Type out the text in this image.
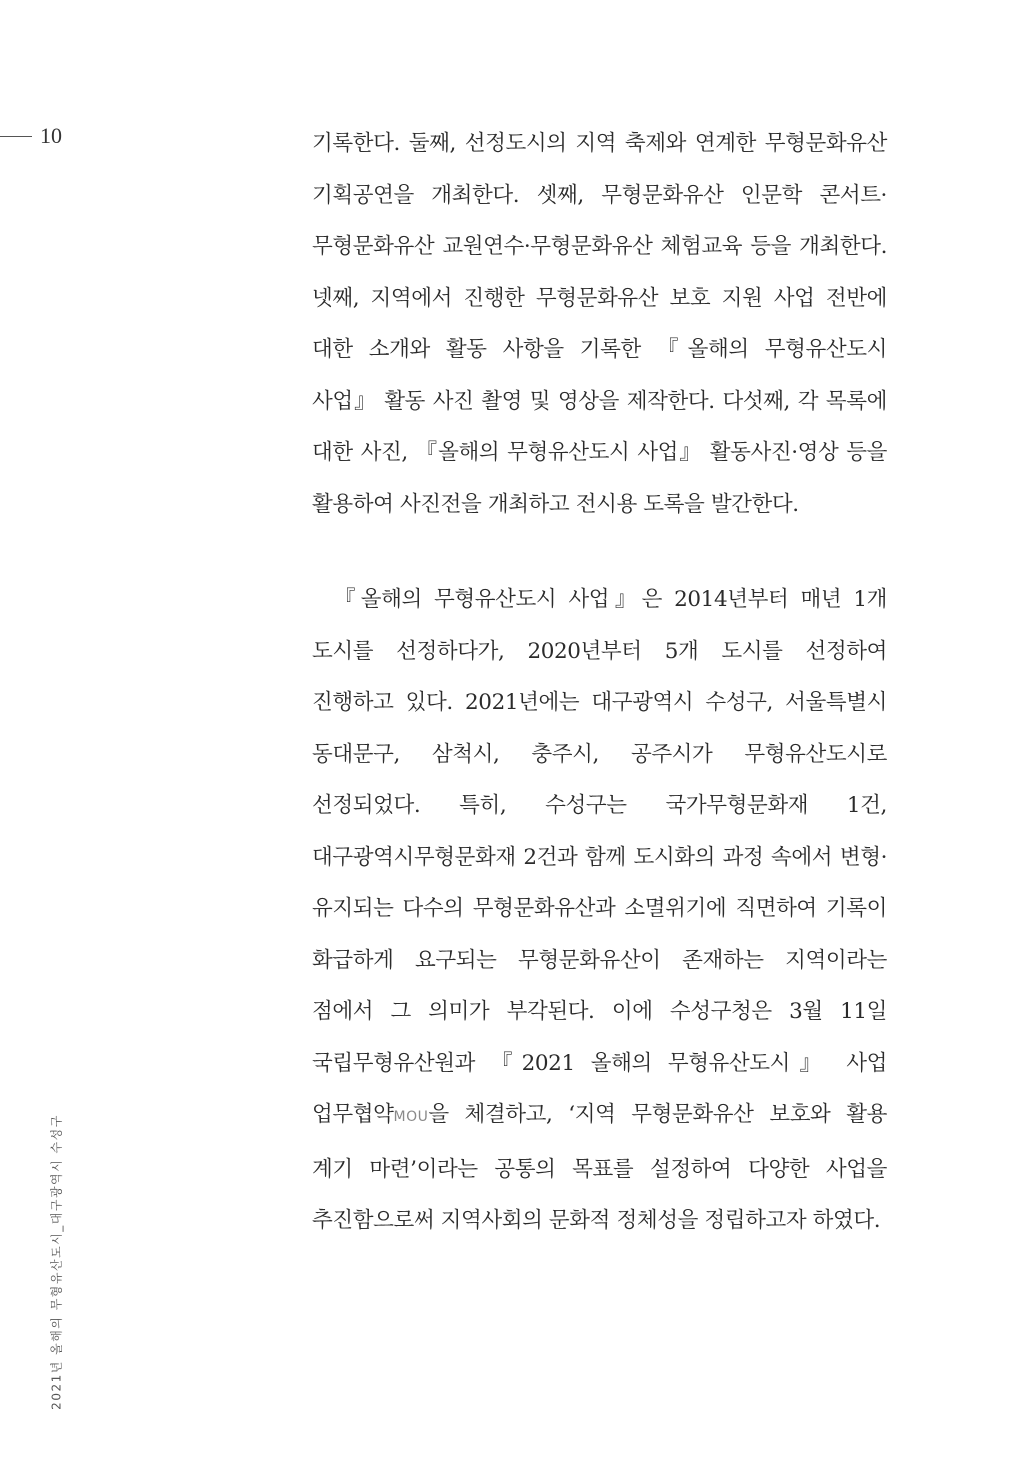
10
2021년 올해의 무형유산도시_대구광역시 수성구

기록한다. 둘째, 선정도시의 지역 축제와 연계한 무형문화유산 기획공연을 개최한다. 셋째, 무형문화유산 인문학 콘서트·무형문화유산 교원연수·무형문화유산 체험교육 등을 개최한다. 넷째, 지역에서 진행한 무형문화유산 보호 지원 사업 전반에 대한 소개와 활동 사항을 기록한 『올해의 무형유산도시 사업』 활동 사진 촬영 및 영상을 제작한다. 다섯째, 각 목록에 대한 사진, 『올해의 무형유산도시 사업』 활동사진·영상 등을 활용하여 사진전을 개최하고 전시용 도록을 발간한다.

『올해의 무형유산도시 사업』은 2014년부터 매년 1개 도시를 선정하다가, 2020년부터 5개 도시를 선정하여 진행하고 있다. 2021년에는 대구광역시 수성구, 서울특별시 동대문구, 삼척시, 충주시, 공주시가 무형유산도시로 선정되었다. 특히, 수성구는 국가무형문화재 1건, 대구광역시무형문화재 2건과 함께 도시화의 과정 속에서 변형·유지되는 다수의 무형문화유산과 소멸위기에 직면하여 기록이 화급하게 요구되는 무형문화유산이 존재하는 지역이라는 점에서 그 의미가 부각된다. 이에 수성구청은 3월 11일 국립무형유산원과 『2021 올해의 무형유산도시』 사업 업무협약MOU을 체결하고, ‘지역 무형문화유산 보호와 활용 계기 마련’이라는 공통의 목표를 설정하여 다양한 사업을 추진함으로써 지역사회의 문화적 정체성을 정립하고자 하였다.
